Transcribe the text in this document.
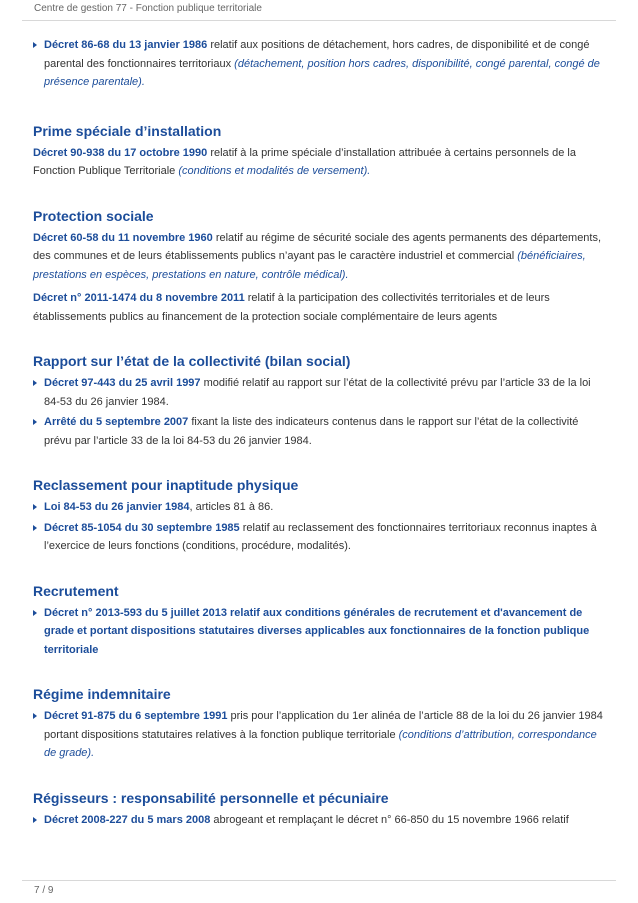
Centre de gestion 77 - Fonction publique territoriale

Décret 86-68 du 13 janvier 1986 relatif aux positions de détachement, hors cadres, de disponibilité et de congé parental des fonctionnaires territoriaux (détachement, position hors cadres, disponibilité, congé parental, congé de présence parentale).

Prime spéciale d’installation

Décret 90-938 du 17 octobre 1990 relatif à la prime spéciale d’installation attribuée à certains personnels de la Fonction Publique Territoriale (conditions et modalités de versement).

Protection sociale

Décret 60-58 du 11 novembre 1960 relatif au régime de sécurité sociale des agents permanents des départements, des communes et de leurs établissements publics n’ayant pas le caractère industriel et commercial (bénéficiaires, prestations en espèces, prestations en nature, contrôle médical).

Décret n° 2011-1474 du 8 novembre 2011 relatif à la participation des collectivités territoriales et de leurs établissements publics au financement de la protection sociale complémentaire de leurs agents

Rapport sur l’état de la collectivité (bilan social)

Décret 97-443 du 25 avril 1997 modifié relatif au rapport sur l’état de la collectivité prévu par l’article 33 de la loi 84-53 du 26 janvier 1984.

Arrêté du 5 septembre 2007 fixant la liste des indicateurs contenus dans le rapport sur l’état de la collectivité prévu par l’article 33 de la loi 84-53 du 26 janvier 1984.

Reclassement pour inaptitude physique

Loi 84-53 du 26 janvier 1984, articles 81 à 86.

Décret 85-1054 du 30 septembre 1985 relatif au reclassement des fonctionnaires territoriaux reconnus inaptes à l’exercice de leurs fonctions (conditions, procédure, modalités).

Recrutement

Décret n° 2013-593 du 5 juillet 2013 relatif aux conditions générales de recrutement et d'avancement de grade et portant dispositions statutaires diverses applicables aux fonctionnaires de la fonction publique territoriale

Régime indemnitaire

Décret 91-875 du 6 septembre 1991 pris pour l’application du 1er alinéa de l’article 88 de la loi du 26 janvier 1984 portant dispositions statutaires relatives à la fonction publique territoriale (conditions d’attribution, correspondance de grade).

Régisseurs : responsabilité personnelle et pécuniaire

Décret 2008-227 du 5 mars 2008 abrogeant et remplaçant le décret n° 66-850 du 15 novembre 1966 relatif

7 / 9
